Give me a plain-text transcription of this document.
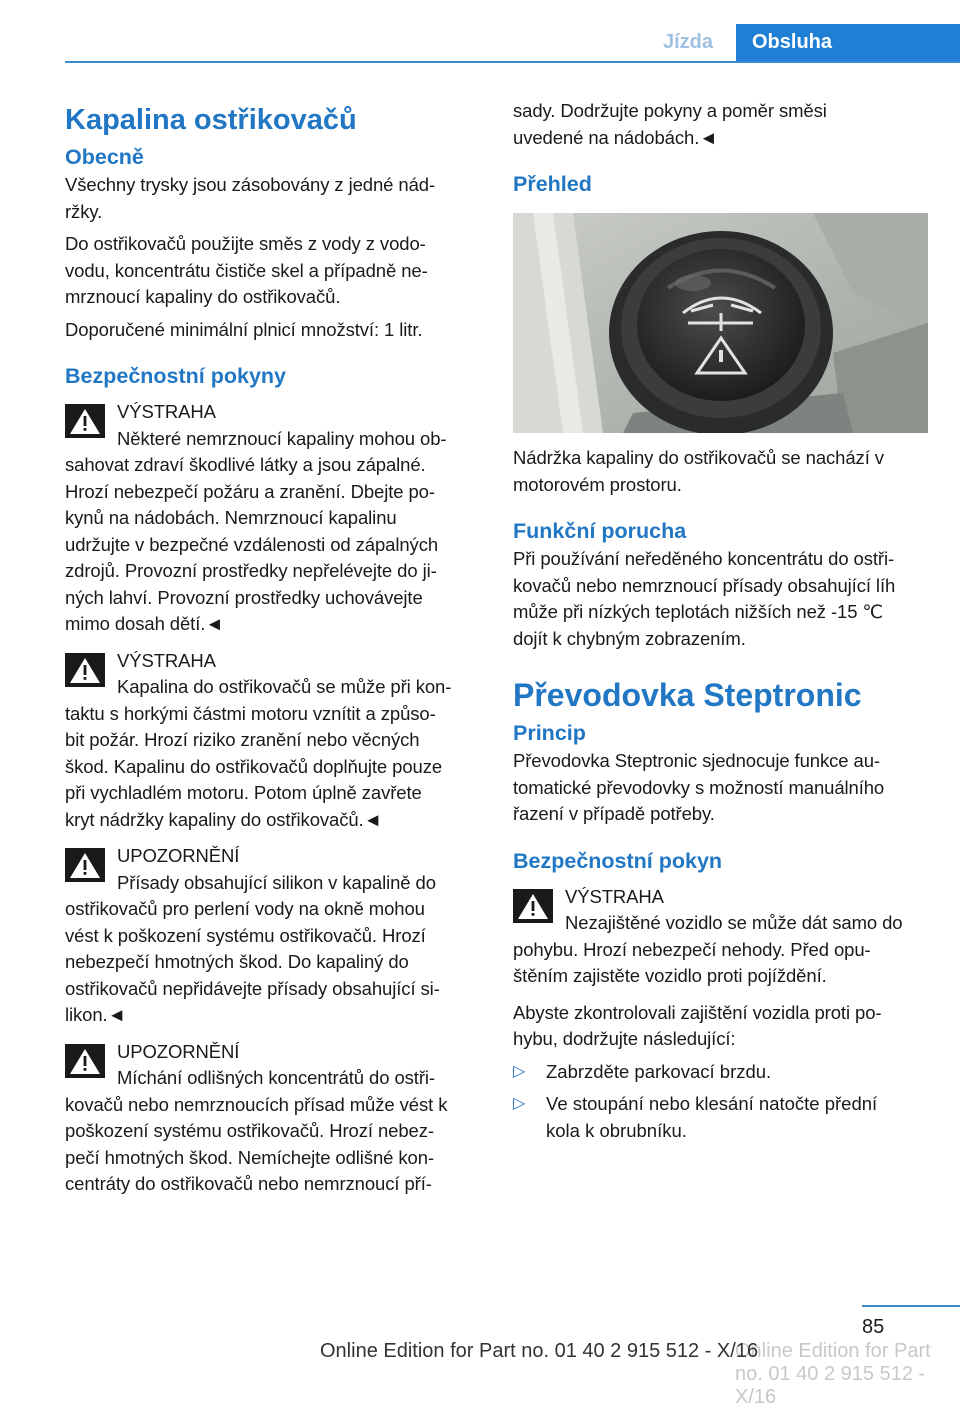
Jízda	Obsluha
Kapalina ostřikovačů
Obecně

Všechny trysky jsou zásobovány z jedné nád-
ržky.

Do ostřikovačů použijte směs z vody z vodo-
vodu, koncentrátu čističe skel a případně ne-
mrznoucí kapaliny do ostřikovačů.

Doporučené minimální plnicí množství: 1 litr.

Bezpečnostní pokyny

VÝSTRAHA
Některé nemrznoucí kapaliny mohou ob-
sahovat zdraví škodlivé látky a jsou zápalné.
Hrozí nebezpečí požáru a zranění. Dbejte po-
kynů na nádobách. Nemrznoucí kapalinu
udržujte v bezpečné vzdálenosti od zápalných
zdrojů. Provozní prostředky nepřelévejte do ji-
ných lahví. Provozní prostředky uchovávejte
mimo dosah dětí.◄

VÝSTRAHA
Kapalina do ostřikovačů se může při kon-
taktu s horkými částmi motoru vznítit a způso-
bit požár. Hrozí riziko zranění nebo věcných
škod. Kapalinu do ostřikovačů doplňujte pouze
při vychladlém motoru. Potom úplně zavřete
kryt nádržky kapaliny do ostřikovačů.◄

UPOZORNĚNÍ
Přísady obsahující silikon v kapalině do
ostřikovačů pro perlení vody na okně mohou
vést k poškození systému ostřikovačů. Hrozí
nebezpečí hmotných škod. Do kapaliný do
ostřikovačů nepřidávejte přísady obsahující si-
likon.◄

UPOZORNĚNÍ
Míchání odlišných koncentrátů do ostři-
kovačů nebo nemrznoucích přísad může vést k
poškození systému ostřikovačů. Hrozí nebez-
pečí hmotných škod. Nemíchejte odlišné kon-
centráty do ostřikovačů nebo nemrznoucí pří-

sady. Dodržujte pokyny a poměr směsi
uvedené na nádobách.◄

Přehled

Nádržka kapaliny do ostřikovačů se nachází v
motorovém prostoru.

Funkční porucha

Při používání neředěného koncentrátu do ostři-
kovačů nebo nemrznoucí přísady obsahující líh
může při nízkých teplotách nižších než -15 ℃
dojít k chybným zobrazením.

Převodovka Steptronic
Princip

Převodovka Steptronic sjednocuje funkce au-
tomatické převodovky s možností manuálního
řazení v případě potřeby.

Bezpečnostní pokyn

VÝSTRAHA
Nezajištěné vozidlo se může dát samo do
pohybu. Hrozí nebezpečí nehody. Před opu-
štěním zajistěte vozidlo proti pojíždění.

Abyste zkontrolovali zajištění vozidla proti po-
hybu, dodržujte následující:

▷ Zabrzděte parkovací brzdu.
▷ Ve stoupání nebo klesání natočte přední
kola k obrubníku.
85
Online Edition for Part no. 01 40 2 915 512 - X/16
Online Edition for Part no. 01 40 2 915 512 - X/16
